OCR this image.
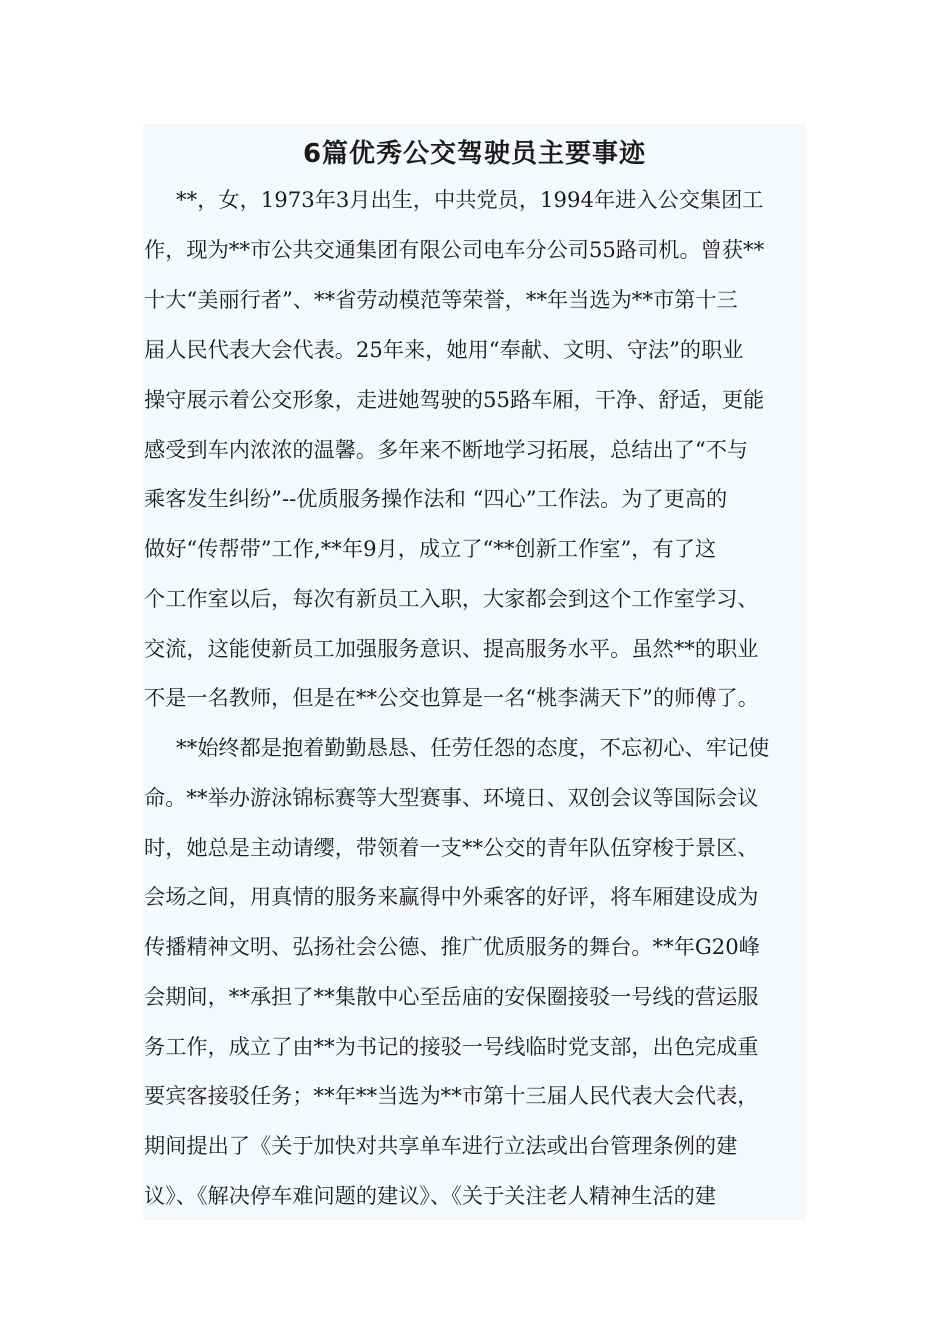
6篇优秀公交驾驶员主要事迹

**，女，1973年3月出生，中共党员，1994年进入公交集团工

作，现为**市公共交通集团有限公司电车分公司55路司机。曾获**

十大“美丽行者”、**省劳动模范等荣誉，**年当选为**市第十三

届人民代表大会代表。25年来，她用“奉献、文明、守法”的职业

操守展示着公交形象，走进她驾驶的55路车厢，干净、舒适，更能

感受到车内浓浓的温馨。多年来不断地学习拓展，总结出了“不与

乘客发生纠纷”--优质服务操作法和 “四心”工作法。为了更高的

做好“传帮带”工作,**年9月，成立了“**创新工作室”，有了这

个工作室以后，每次有新员工入职，大家都会到这个工作室学习、

交流，这能使新员工加强服务意识、提高服务水平。虽然**的职业

不是一名教师，但是在**公交也算是一名“桃李满天下”的师傅了。

**始终都是抱着勤勤恳恳、任劳任怨的态度，不忘初心、牢记使

命。**举办游泳锦标赛等大型赛事、环境日、双创会议等国际会议

时，她总是主动请缨，带领着一支**公交的青年队伍穿梭于景区、

会场之间，用真情的服务来赢得中外乘客的好评，将车厢建设成为

传播精神文明、弘扬社会公德、推广优质服务的舞台。**年G20峰

会期间，**承担了**集散中心至岳庙的安保圈接驳一号线的营运服

务工作，成立了由**为书记的接驳一号线临时党支部，出色完成重

要宾客接驳任务；**年**当选为**市第十三届人民代表大会代表，

期间提出了《关于加快对共享单车进行立法或出台管理条例的建

议》、《解决停车难问题的建议》、《关于关注老人精神生活的建
